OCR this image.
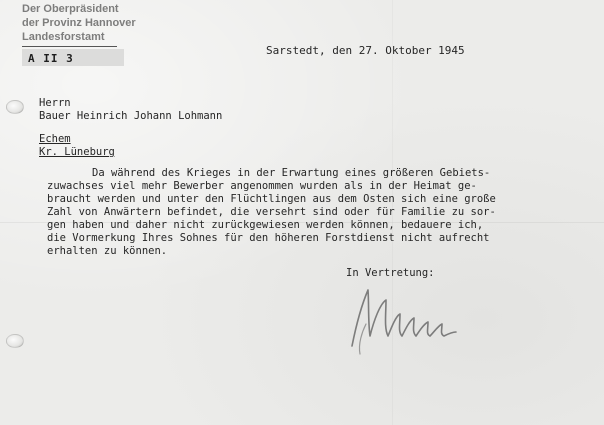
Der Oberpräsident
der Provinz Hannover
Landesforstamt
A II 3
Sarstedt, den 27. Oktober 1945
Herrn
Bauer Heinrich Johann Lohmann
Echem
Kr. Lüneburg
Da während des Krieges in der Erwartung eines größeren Gebiets-
zuwachses viel mehr Bewerber angenommen wurden als in der Heimat ge-
braucht werden und unter den Flüchtlingen aus dem Osten sich eine große
Zahl von Anwärtern befindet, die versehrt sind oder für Familie zu sor-
gen haben und daher nicht zurückgewiesen werden können, bedauere ich,
die Vormerkung Ihres Sohnes für den höheren Forstdienst nicht aufrecht
erhalten zu können.
In Vertretung:
